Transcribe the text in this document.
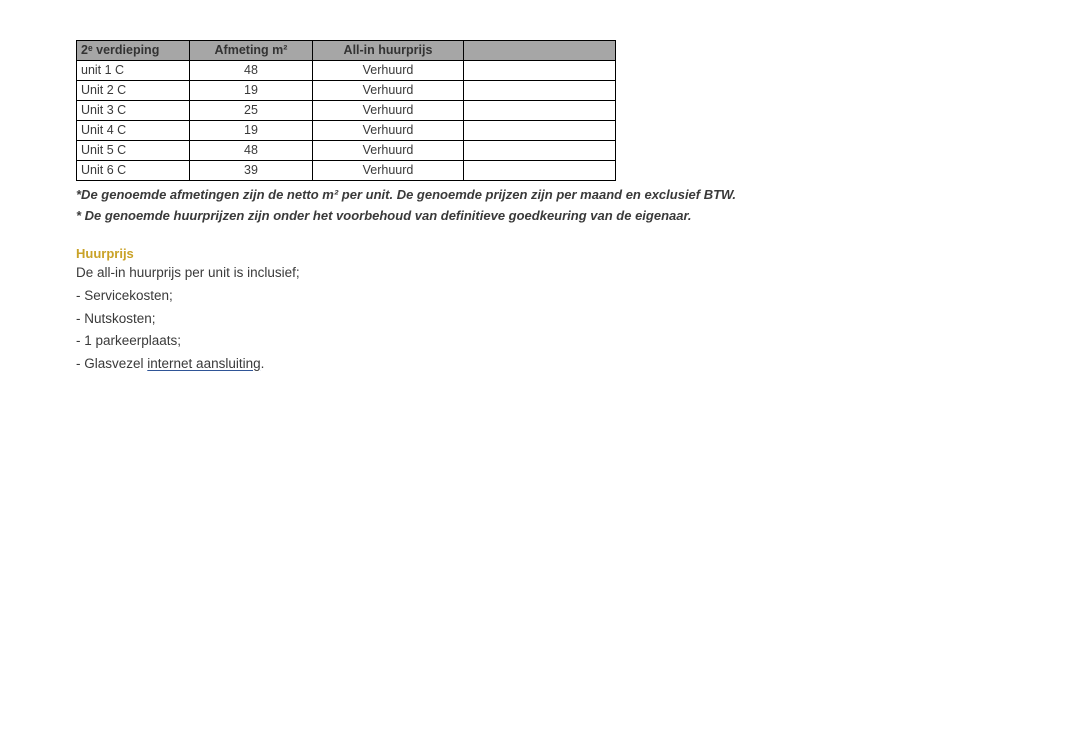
2ᵉ verdieping	Afmeting m²	All-in huurprijs	
unit 1 C	48	Verhuurd	
Unit 2 C	19	Verhuurd	
Unit 3 C	25	Verhuurd	
Unit 4 C	19	Verhuurd	
Unit 5 C	48	Verhuurd	
Unit 6 C	39	Verhuurd	
*De genoemde afmetingen zijn de netto m² per unit. De genoemde prijzen zijn per maand en exclusief BTW.
* De genoemde huurprijzen zijn onder het voorbehoud van definitieve goedkeuring van de eigenaar.
Huurprijs
De all-in huurprijs per unit is inclusief;
- Servicekosten;
- Nutskosten;
- 1 parkeerplaats;
- Glasvezel internet aansluiting.
